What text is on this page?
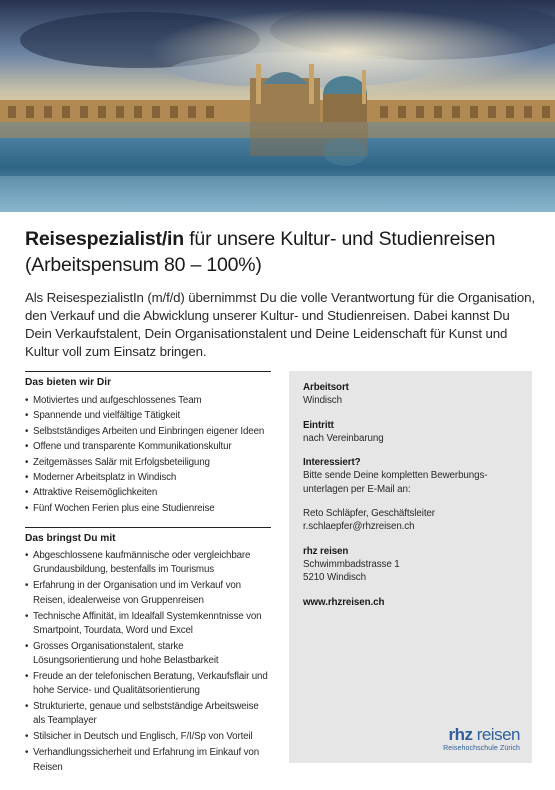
Reisespezialist/in für unsere Kultur- und Studienreisen
(Arbeitspensum 80 – 100%)
Als ReisespezialistIn (m/f/d) übernimmst Du die volle Verantwortung für die Organisation, den Verkauf und die Abwicklung unserer Kultur- und Studienreisen. Dabei kannst Du Dein Verkaufstalent, Dein Organisationstalent und Deine Leidenschaft für Kunst und Kultur voll zum Einsatz bringen.
Das bieten wir Dir
• Motiviertes und aufgeschlossenes Team
• Spannende und vielfältige Tätigkeit
• Selbstständiges Arbeiten und Einbringen eigener Ideen
• Offene und transparente Kommunikationskultur
• Zeitgemässes Salär mit Erfolgsbeteiligung
• Moderner Arbeitsplatz in Windisch
• Attraktive Reisemöglichkeiten
• Fünf Wochen Ferien plus eine Studienreise
Das bringst Du mit
• Abgeschlossene kaufmännische oder vergleichbare Grundausbildung, bestenfalls im Tourismus
• Erfahrung in der Organisation und im Verkauf von Reisen, idealerweise von Gruppenreisen
• Technische Affinität, im Idealfall Systemkenntnisse von Smartpoint, Tourdata, Word und Excel
• Grosses Organisationstalent, starke Lösungsorientierung und hohe Belastbarkeit
• Freude an der telefonischen Beratung, Verkaufsflair und hohe Service- und Qualitätsorientierung
• Strukturierte, genaue und selbstständige Arbeitsweise als Teamplayer
• Stilsicher in Deutsch und Englisch, F/I/Sp von Vorteil
• Verhandlungssicherheit und Erfahrung im Einkauf von Reisen
Arbeitsort
Windisch
Eintritt
nach Vereinbarung
Interessiert?
Bitte sende Deine kompletten Bewerbungs-unterlagen per E-Mail an:
Reto Schläpfer, Geschäftsleiter
r.schlaepfer@rhzreisen.ch
rhz reisen
Schwimmbadstrasse 1
5210 Windisch
www.rhzreisen.ch
rhz reisen
Reisehochschule Zürich
